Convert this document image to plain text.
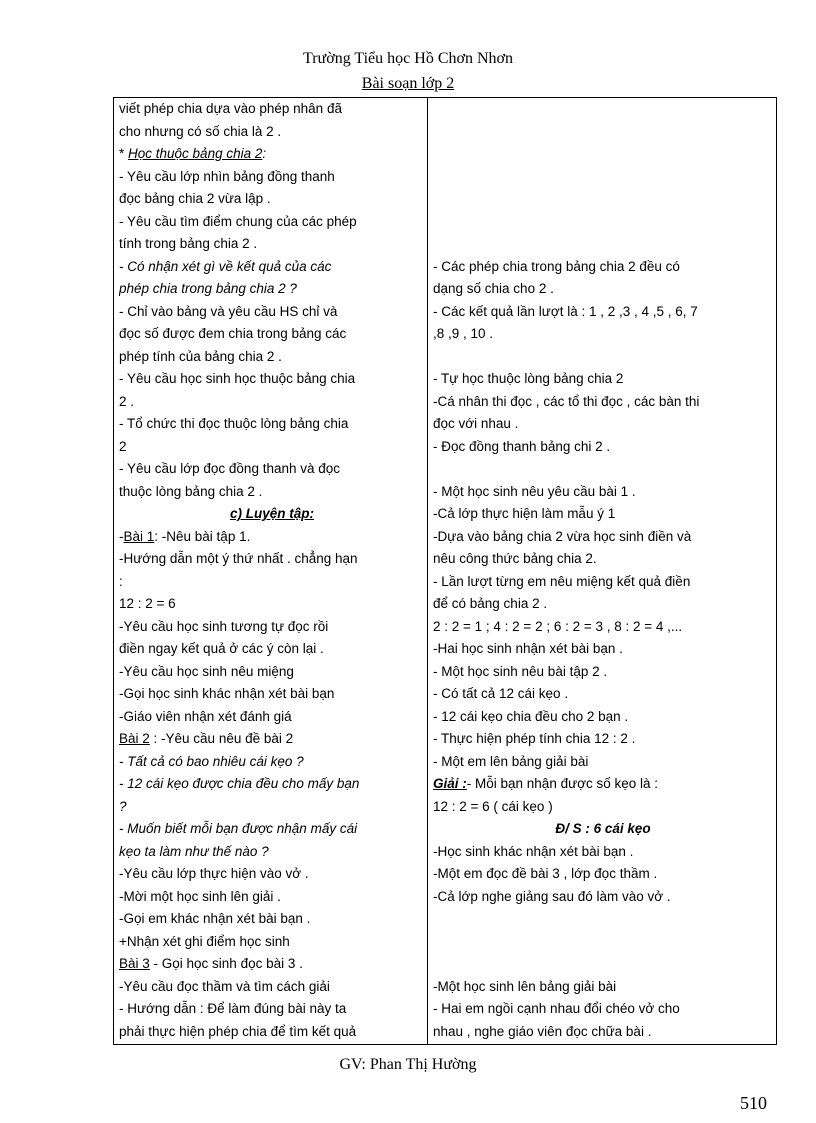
Trường Tiểu học Hồ Chơn Nhơn
Bài soạn lớp 2
viết phép chia dựa vào phép nhân đã
cho nhưng có số chia là 2 .
* Học thuộc bảng chia 2:
- Yêu cầu lớp nhìn bảng đồng thanh
đọc bảng chia 2 vừa lập .
- Yêu cầu tìm điểm chung của các phép
tính trong bảng chia 2 .
- Có nhận xét gì về kết quả của các
phép chia trong bảng chia 2 ?
- Chỉ vào bảng và yêu cầu HS chỉ và
đọc số được đem chia trong bảng các
phép tính của bảng chia 2 .
- Yêu cầu học sinh học thuộc bảng chia
2 .
- Tổ chức thi đọc thuộc lòng bảng chia
2
- Yêu cầu lớp đọc đồng thanh và đọc
thuộc lòng bảng chia 2 .
c) Luyện tập:
-Bài 1: -Nêu bài tập 1.
-Hướng dẫn một ý thứ nhất . chẳng hạn
:
12 : 2 = 6
-Yêu cầu học sinh tương tự đọc rồi
điền ngay kết quả ở các ý còn lại .
-Yêu cầu học sinh nêu miệng
-Gọi học sinh khác nhận xét bài bạn
-Giáo viên nhận xét đánh giá
Bài 2 : -Yêu cầu nêu đề bài 2
- Tất cả có bao nhiêu cái kẹo ?
- 12 cái kẹo được chia đều cho mấy bạn
?
- Muốn biết mỗi bạn được nhận mấy cái
kẹo ta làm như thế nào ?
-Yêu cầu lớp thực hiện vào vở .
-Mời một học sinh lên giải .
-Gọi em khác nhận xét bài bạn .
+Nhận xét ghi điểm học sinh
Bài 3 - Gọi học sinh đọc bài 3 .
-Yêu cầu đọc thầm và tìm cách giải
- Hướng dẫn : Để làm đúng bài này ta
phải thực hiện phép chia để tìm kết quả
- Các phép chia trong bảng chia 2 đều có
dạng số chia cho 2 .
- Các kết quả lần lượt là : 1 , 2 ,3 , 4 ,5 , 6, 7
,8 ,9 , 10 .
- Tự học thuộc lòng bảng chia 2
-Cá nhân thi đọc , các tổ thi đọc , các bàn thi
đọc với nhau .
- Đọc đồng thanh bảng chi 2 .
- Một học sinh nêu yêu cầu bài 1 .
-Cả lớp thực hiện làm mẫu ý 1
-Dựa vào bảng chia 2 vừa học sinh điền và
nêu công thức bảng chia 2.
- Lần lượt từng em nêu miệng kết quả điền
để có bảng chia 2 .
2 : 2 = 1 ; 4 : 2 = 2 ; 6 : 2 = 3 , 8 : 2 = 4 ,...
-Hai học sinh nhận xét bài bạn .
- Một học sinh nêu bài tập 2 .
- Có tất cả 12 cái kẹo .
- 12 cái kẹo chia đều cho 2 bạn .
- Thực hiện phép tính chia 12 : 2 .
- Một em lên bảng giải bài
Giải :- Mỗi bạn nhận được số kẹo là :
12 : 2 = 6 ( cái kẹo )
Đ/ S : 6 cái kẹo
-Học sinh khác nhận xét bài bạn .
-Một em đọc đề bài 3 , lớp đọc thầm .
-Cả lớp nghe giảng sau đó làm vào vở .
-Một học sinh lên bảng giải bài
- Hai em ngồi cạnh nhau đổi chéo vở cho
nhau , nghe giáo viên đọc chữa bài .
GV: Phan Thị Hường
510
